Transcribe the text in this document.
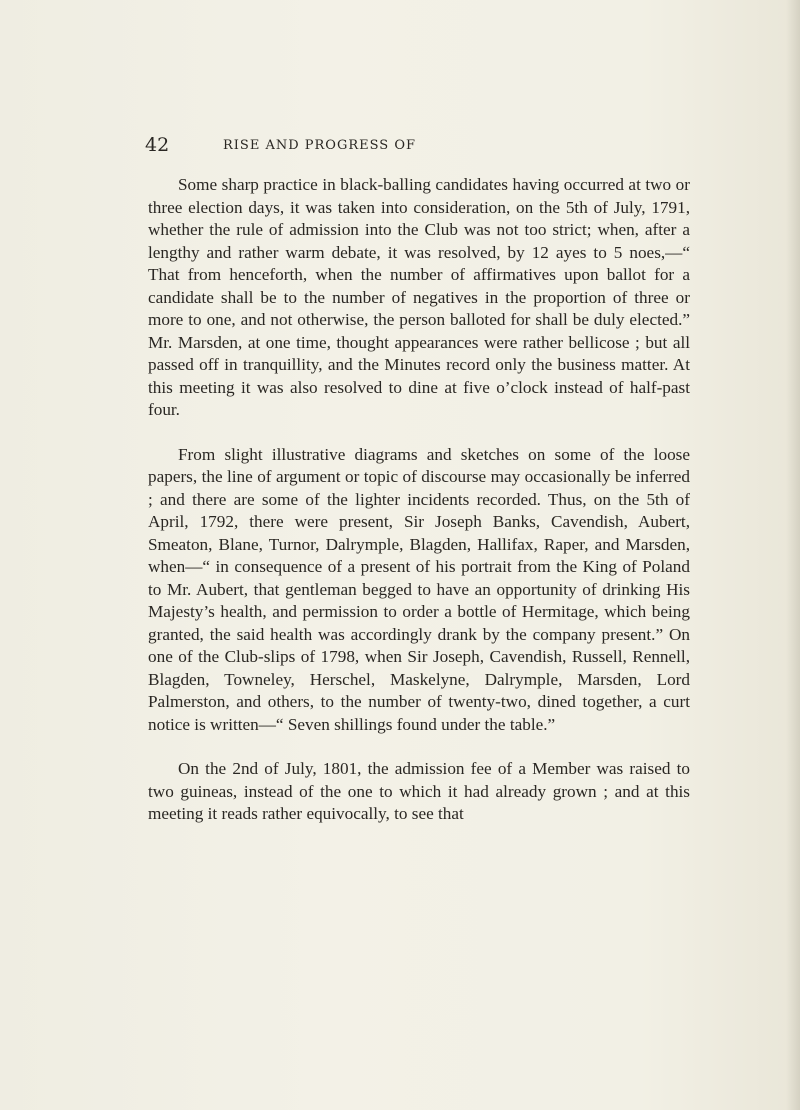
42	RISE AND PROGRESS OF

Some sharp practice in black-balling candidates having occurred at two or three election days, it was taken into consideration, on the 5th of July, 1791, whether the rule of admission into the Club was not too strict; when, after a lengthy and rather warm debate, it was resolved, by 12 ayes to 5 noes,—“ That from henceforth, when the number of affirmatives upon ballot for a candidate shall be to the number of negatives in the proportion of three or more to one, and not otherwise, the person balloted for shall be duly elected.” Mr. Marsden, at one time, thought appearances were rather bellicose ; but all passed off in tranquillity, and the Minutes record only the business matter. At this meeting it was also resolved to dine at five o’clock instead of half-past four.

From slight illustrative diagrams and sketches on some of the loose papers, the line of argument or topic of discourse may occasionally be inferred ; and there are some of the lighter incidents recorded. Thus, on the 5th of April, 1792, there were present, Sir Joseph Banks, Cavendish, Aubert, Smeaton, Blane, Turnor, Dalrymple, Blagden, Hallifax, Raper, and Marsden, when—“ in consequence of a present of his portrait from the King of Poland to Mr. Aubert, that gentleman begged to have an opportunity of drinking His Majesty’s health, and permission to order a bottle of Hermitage, which being granted, the said health was accordingly drank by the company present.” On one of the Club-slips of 1798, when Sir Joseph, Cavendish, Russell, Rennell, Blagden, Towneley, Herschel, Maskelyne, Dalrymple, Marsden, Lord Palmerston, and others, to the number of twenty-two, dined together, a curt notice is written—“ Seven shillings found under the table.”

On the 2nd of July, 1801, the admission fee of a Member was raised to two guineas, instead of the one to which it had already grown ; and at this meeting it reads rather equivocally, to see that
